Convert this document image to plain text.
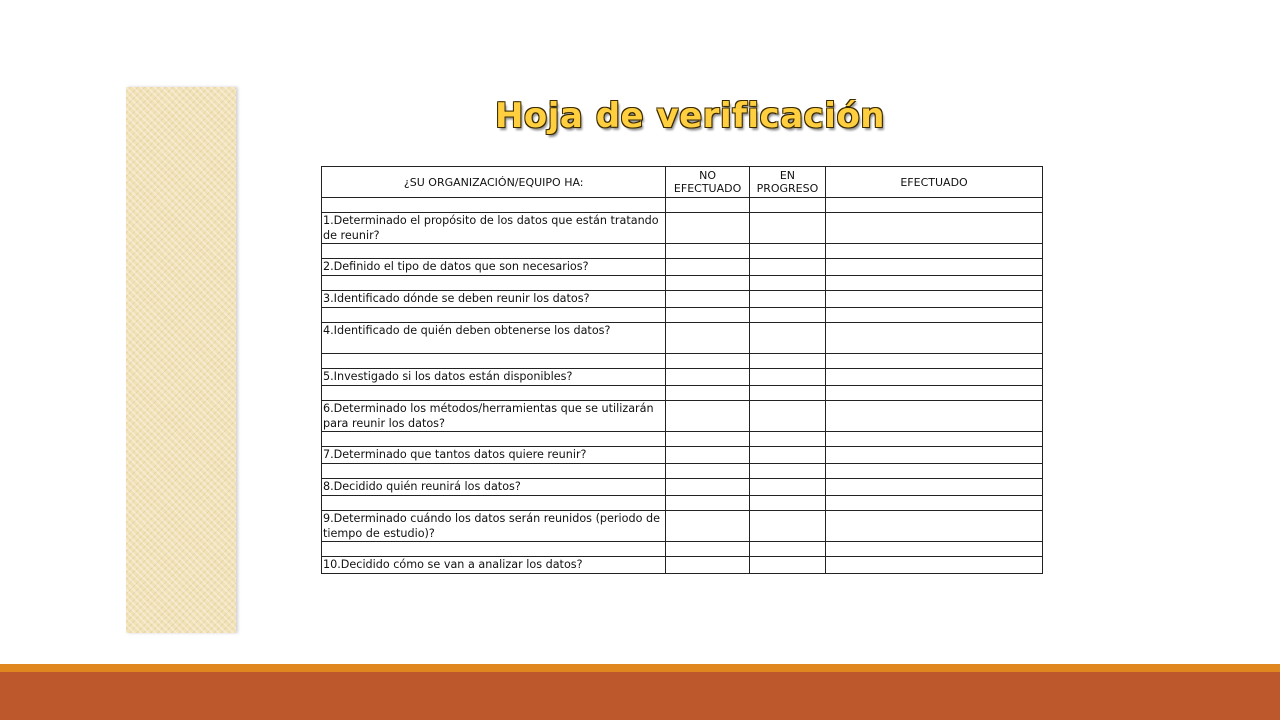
Hoja de verificación
¿SU ORGANIZACIÓN/EQUIPO HA:	NO EFECTUADO	EN PROGRESO	EFECTUADO

1.Determinado el propósito de los datos que están tratando de reunir?			

2.Definido el tipo de datos que son necesarios?			

3.Identificado dónde se deben reunir los datos?			

4.Identificado de quién deben obtenerse los datos?			

5.Investigado si los datos están disponibles?			

6.Determinado los métodos/herramientas que se utilizarán para reunir los datos?			

7.Determinado que tantos datos quiere reunir?			

8.Decidido quién reunirá los datos?			

9.Determinado cuándo los datos serán reunidos (periodo de tiempo de estudio)?			

10.Decidido cómo se van a analizar los datos?			
